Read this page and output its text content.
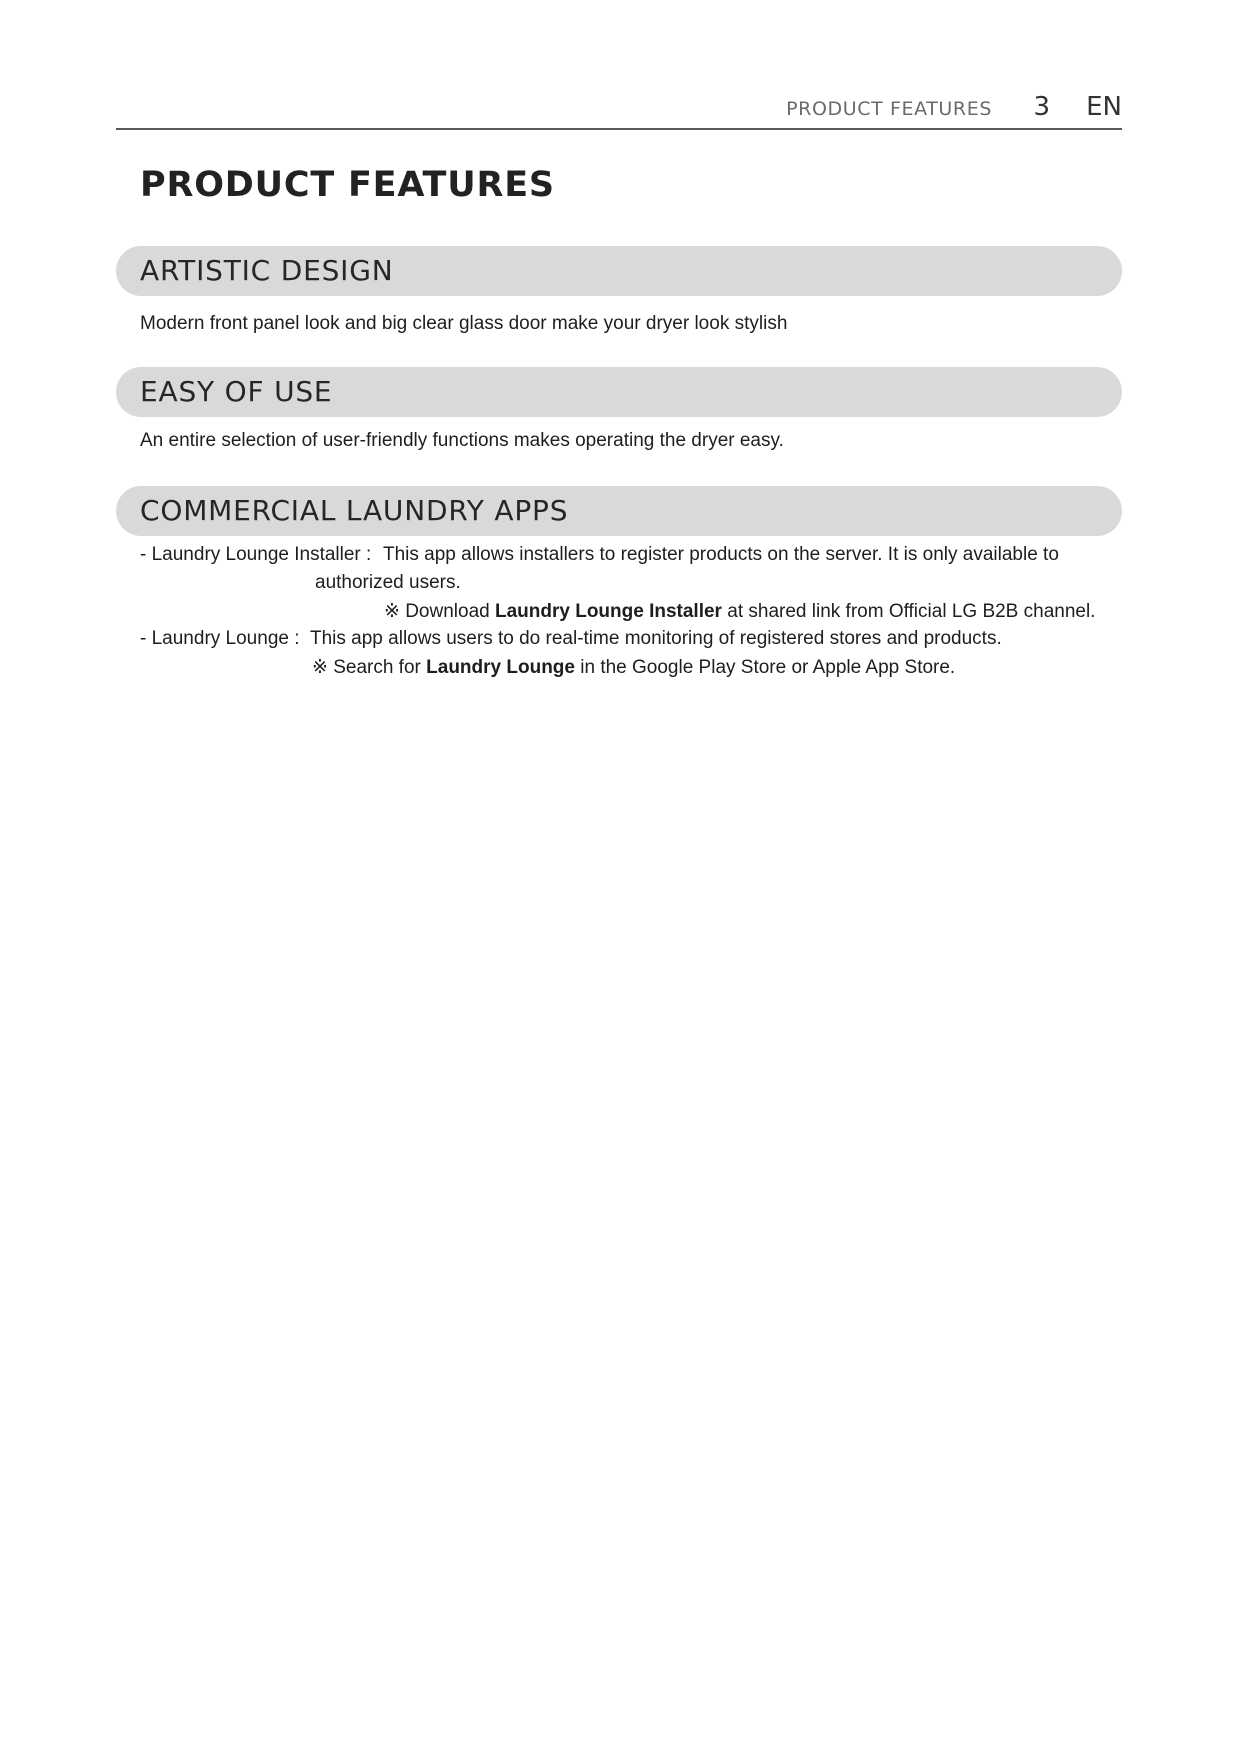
PRODUCT FEATURES 3 EN
PRODUCT FEATURES
ARTISTIC DESIGN

Modern front panel look and big clear glass door make your dryer look stylish

EASY OF USE

An entire selection of user-friendly functions makes operating the dryer easy.

COMMERCIAL LAUNDRY APPS
- Laundry Lounge Installer : This app allows installers to register products on the server. It is only available to
authorized users.

※ Download Laundry Lounge Installer at shared link from Official LG B2B channel.

- Laundry Lounge : This app allows users to do real-time monitoring of registered stores and products.

※ Search for Laundry Lounge in the Google Play Store or Apple App Store.
